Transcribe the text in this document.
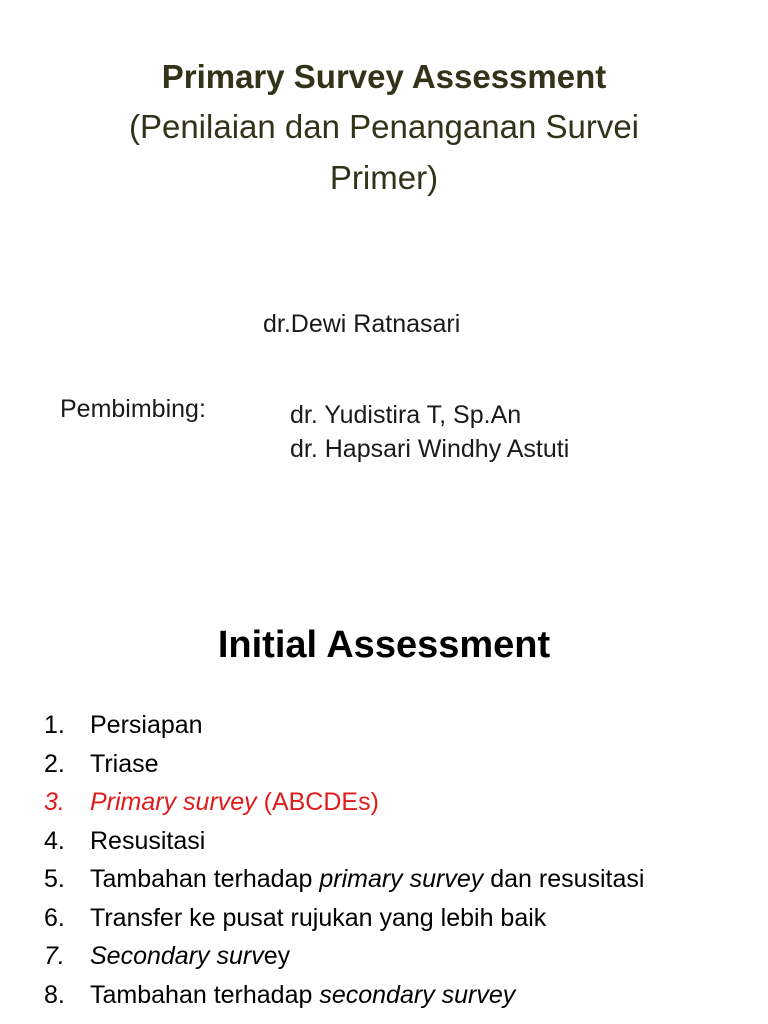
Primary Survey Assessment
(Penilaian dan Penanganan Survei
Primer)
dr.Dewi Ratnasari
Pembimbing:	dr. Yudistira T, Sp.An
dr. Hapsari Windhy Astuti
Initial Assessment
1.	Persiapan
2.	Triase
3.	Primary survey (ABCDEs)
4.	Resusitasi
5.	Tambahan terhadap primary survey dan resusitasi
6.	Transfer ke pusat rujukan yang lebih baik
7.	Secondary survey
8.	Tambahan terhadap secondary survey
